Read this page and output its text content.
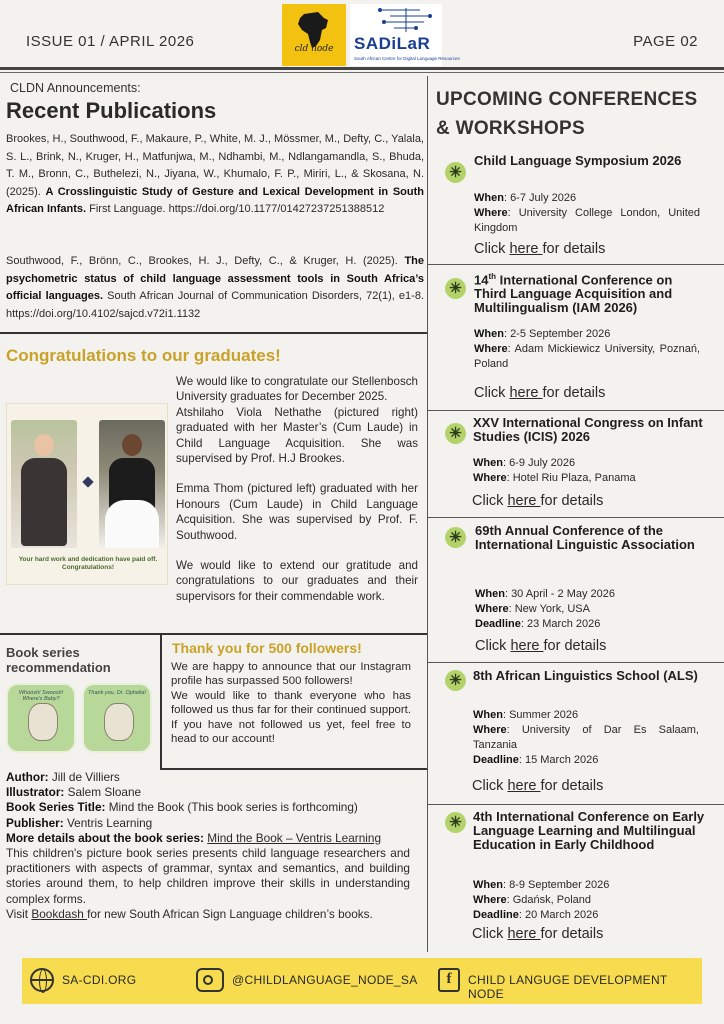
ISSUE 01 / APRIL 2026	cld node	SADiLaR
South African Centre for Digital Language Resources
PAGE 02
CLDN Announcements:
Recent Publications
Brookes, H., Southwood, F., Makaure, P., White, M. J., Mössmer, M., Defty, C., Yalala, S. L., Brink, N., Kruger, H., Matfunjwa, M., Ndhambi, M., Ndlangamandla, S., Bhuda, T. M., Bronn, C., Buthelezi, N., Jiyana, W., Khumalo, F. P., Miriri, L., & Skosana, N. (2025). A Crosslinguistic Study of Gesture and Lexical Development in South African Infants. First Language. https://doi.org/10.1177/01427237251388512
Southwood, F., Brönn, C., Brookes, H. J., Defty, C., & Kruger, H. (2025). The psychometric status of child language assessment tools in South Africa’s official languages. South African Journal of Communication Disorders, 72(1), e1-8. https://doi.org/10.4102/sajcd.v72i1.1132
Congratulations to our graduates!
Your hard work and dedication have paid off. Congratulations!

We would like to congratulate our Stellenbosch University graduates for December 2025.
Atshilaho Viola Nethathe (pictured right) graduated with her Master’s (Cum Laude) in Child Language Acquisition. She was supervised by Prof. H.J Brookes.

Emma Thom (pictured left) graduated with her Honours (Cum Laude) in Child Language Acquisition. She was supervised by Prof. F. Southwood.

We would like to extend our gratitude and congratulations to our graduates and their supervisors for their commendable work.

Book series
recommendation
Whoosh! Swoosh! Where's Baby?
Thank you, Dr. Ophelia!
Thank you for 500 followers!
We are happy to announce that our Instagram profile has surpassed 500 followers!
We would like to thank everyone who has followed us thus far for their continued support. If you have not followed us yet, feel free to head to our account!
Author: Jill de Villiers
Illustrator: Salem Sloane
Book Series Title: Mind the Book (This book series is forthcoming)
Publisher: Ventris Learning
More details about the book series: Mind the Book – Ventris Learning
This children's picture book series presents child language researchers and practitioners with aspects of grammar, syntax and semantics, and building stories around them, to help children improve their skills in understanding complex forms.
Visit Bookdash for new South African Sign Language children’s books.
UPCOMING CONFERENCES
& WORKSHOPS
✳
Child Language Symposium 2026
When: 6-7 July 2026
Where: University College London, United Kingdom
Click here for details
✳
14th International Conference on Third Language Acquisition and Multilingualism (IAM 2026)
When: 2-5 September 2026
Where: Adam Mickiewicz University, Poznań, Poland
Click here for details
✳
XXV International Congress on Infant Studies (ICIS) 2026
When: 6-9 July 2026
Where: Hotel Riu Plaza, Panama
Click here for details
✳	69th Annual Conference of the International Linguistic Association
When: 30 April - 2 May 2026
Where: New York, USA
Deadline: 23 March 2026
Click here for details
✳ 8th African Linguistics School (ALS)
When: Summer 2026
Where: University of Dar Es Salaam, Tanzania
Deadline: 15 March 2026
Click here for details
✳ 4th International Conference on Early Language Learning and Multilingual Education in Early Childhood
When: 8-9 September 2026
Where: Gdańsk, Poland
Deadline: 20 March 2026
Click here for details
SA-CDI.ORG	@CHILDLANGUAGE_NODE_SA	f	CHILD LANGUGE DEVELOPMENT NODE
